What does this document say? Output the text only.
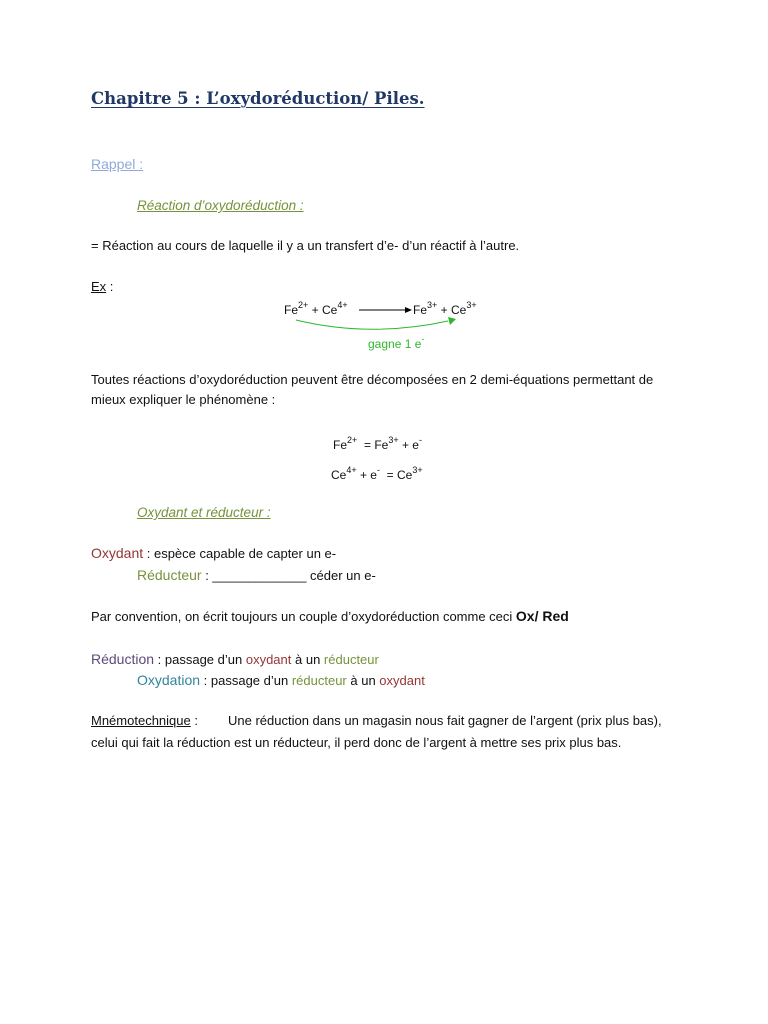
Chapitre 5 : L’oxydoréduction/ Piles.
Rappel :
Réaction d’oxydoréduction :
= Réaction au cours de laquelle il y a un transfert d’e- d’un réactif à l’autre.
Ex :
$Fe^{2+} + Ce^{4+}$ →
$Fe^{3+} + Ce^{3+}$
gagne 1 e-
Toutes réactions d’oxydoréduction peuvent être décomposées en 2 demi-équations permettant de
mieux expliquer le phénomène :
$Fe^{2+} = Fe^{3+} + e^-$
$Ce^{4+} + e^- = Ce^{3+}$
Oxydant et réducteur :
Oxydant : espèce capable de capter un e-
Réducteur : _____________ céder un e-
Par convention, on écrit toujours un couple d’oxydoréduction comme ceci Ox/ Red
Réduction : passage d’un oxydant à un réducteur
Oxydation : passage d’un réducteur à un oxydant
Mnémotechnique : Une réduction dans un magasin nous fait gagner de l’argent (prix plus bas),
celui qui fait la réduction est un réducteur, il perd donc de l’argent à mettre ses prix plus bas.
